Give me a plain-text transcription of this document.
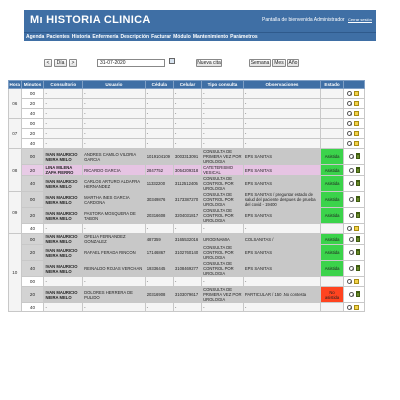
Mı HISTORIA CLINICA	Pantalla de bienvenida Administrador Cerrar sesión
Agenda Pacientes Historia Enfermería Descripción Facturar Módulo Mantenimiento Parámetros
<	Día	>	31-07-2020	Nueva cita	Semana Mes Año
Hora	Minutos	Consultorio	Usuario	Cédula	Celular	Tipo consulta	Observaciones	Estado	
06	00	-	-	-	-	-	-		
	20	-	-	-	-	-	-		
	40	-	-	-	-	-	-		
07	00	-	-	-	-	-	-		
	20	-	-	-	-	-	-		
	40	-	-	-	-	-	-		
08	00	IVAN MAURICIO NEIRA MELO	ANDRES CAMILO VILDRIA GARCIA	1019104109	3003313091	CONSULTA DE PRIMERA VEZ POR UROLOGIA	EPS SANITAS	Asistida	
	20	LINA MILENA ZAPA FIERRO	RICARDO GARCIA	2847752	3054209318	CATETERISMO VESICAL	EPS SANITAS	Asistida	
	40	IVAN MAURICIO NEIRA MELO	CARLOS ARTURO ALDAFRA HERNANDEZ	11332200	3112512405	CONSULTA DE CONTROL POR UROLOGIA	EPS SANITAS	Asistida	
09	00	IVAN MAURICIO NEIRA MELO	MARTHA INES GARCIA CARDONA	30349876	3173387270	CONSULTA DE CONTROL POR UROLOGIA	EPS SANITAS / preguntar estado de salud del paciente despues de prueba del covid - 19400	Asistida	
	20	IVAN MAURICIO NEIRA MELO	PASTORA MOSQUERA DE TABON	20316608	3204031817	CONSULTA DE CONTROL POR UROLOGIA	EPS SANITAS	Asistida	
	40	-	-	-	-	-	-		
10	00	IVAN MAURICIO NEIRA MELO	OFELIA FERNANDEZ GONZALEZ	487359	3165532016	URODINAMIA	COLSANITAS /	Asistida	
	20	IVAN MAURICIO NEIRA MELO	RAFAEL FERADA RINCON	17146867	3102760140	CONSULTA DE CONTROL POR UROLOGIA	EPS SANITAS	Asistida	
	40	IVAN MAURICIO NEIRA MELO	REINALDO ROJAS VERCHAN	19336445	3108469277	CONSULTA DE CONTROL POR UROLOGIA	EPS SANITAS	Asistida	
	00	-	-	-	-	-	-		
	20	IVAN MAURICIO NEIRA MELO	DOLORES HERRERA DE PULIDO	20316908	3103079617	CONSULTA DE PRIMERA VEZ POR UROLOGIA	PARTICULAR / 150 .No contesta	No asistida	
	40	-	-	-	-	-	-		
